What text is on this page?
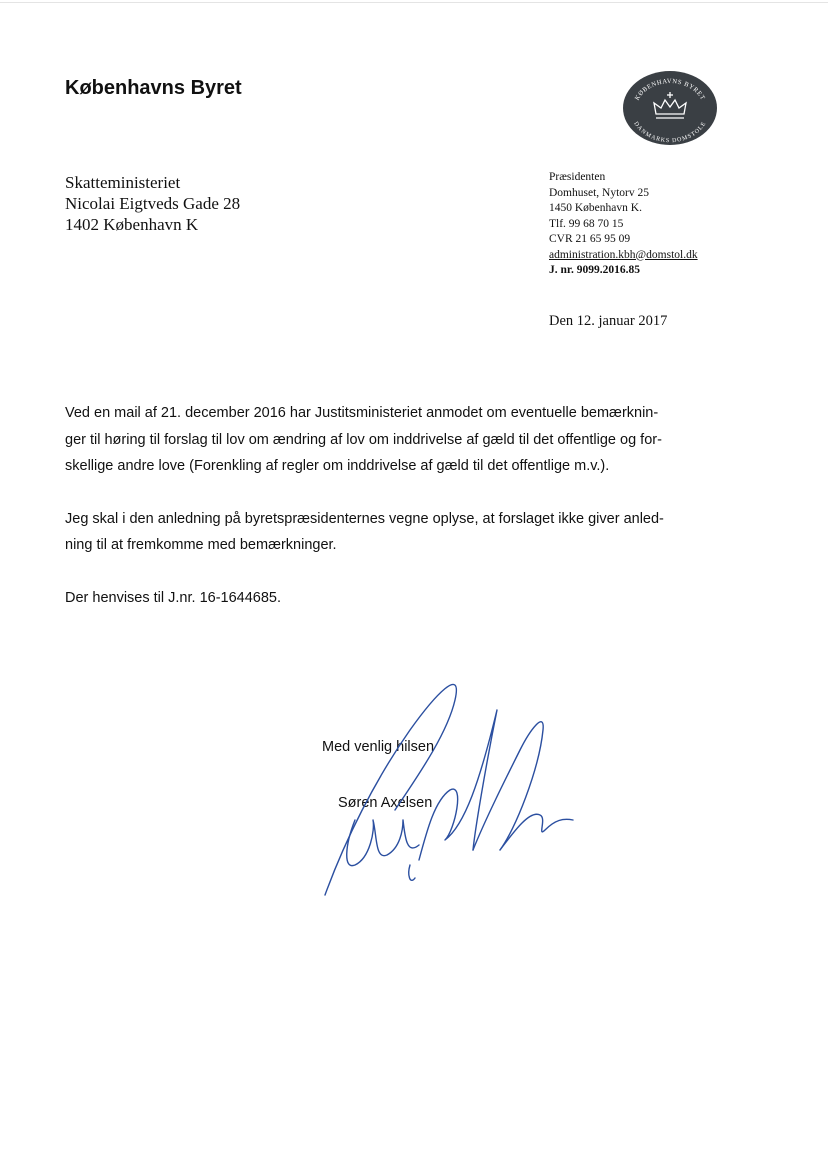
Københavns Byret	KØBENHAVNS BYRET
DANMARKS DOMSTOLE
Skatteministeriet
Nicolai Eigtveds Gade 28
1402 København K
Præsidenten
Domhuset, Nytorv 25
1450 København K.
Tlf. 99 68 70 15
CVR 21 65 95 09
administration.kbh@domstol.dk
J. nr. 9099.2016.85
Den 12. januar 2017

Ved en mail af 21. december 2016 har Justitsministeriet anmodet om eventuelle bemærknin-

ger til høring til forslag til lov om ændring af lov om inddrivelse af gæld til det offentlige og for-

skellige andre love (Forenkling af regler om inddrivelse af gæld til det offentlige m.v.).

Jeg skal i den anledning på byretspræsidenternes vegne oplyse, at forslaget ikke giver anled-

ning til at fremkomme med bemærkninger.

Der henvises til J.nr. 16-1644685.

Med venlig hilsen
Søren Axelsen
